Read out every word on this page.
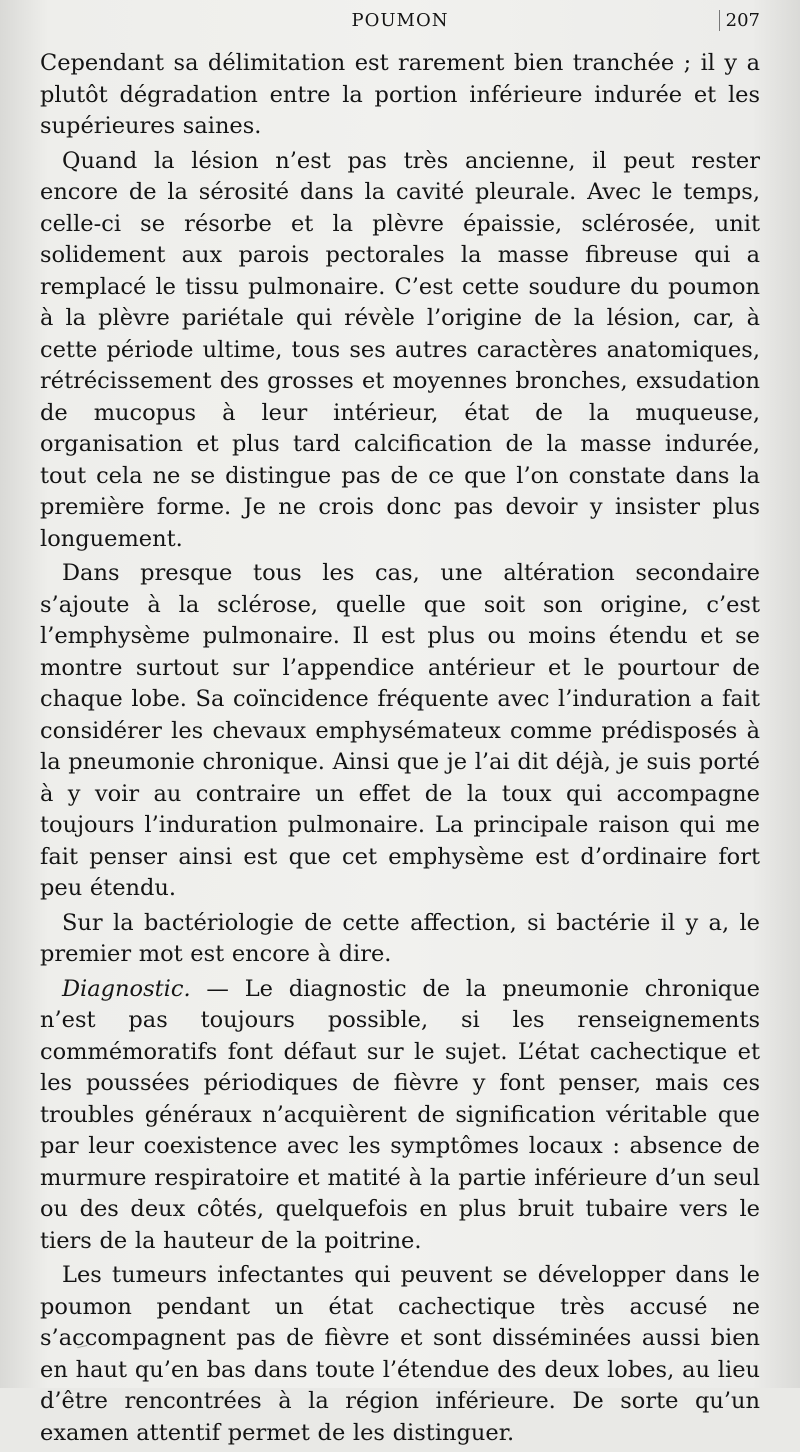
POUMON	207

Cependant sa délimitation est rarement bien tranchée ; il y a plutôt dégradation entre la portion inférieure indurée et les supérieures saines.

Quand la lésion n’est pas très ancienne, il peut rester encore de la sérosité dans la cavité pleurale. Avec le temps, celle-ci se résorbe et la plèvre épaissie, sclérosée, unit solidement aux parois pectorales la masse fibreuse qui a remplacé le tissu pulmonaire. C’est cette soudure du poumon à la plèvre pariétale qui révèle l’origine de la lésion, car, à cette période ultime, tous ses autres caractères anatomiques, rétrécissement des grosses et moyennes bronches, exsudation de mucopus à leur intérieur, état de la muqueuse, organisation et plus tard calcification de la masse indurée, tout cela ne se distingue pas de ce que l’on constate dans la première forme. Je ne crois donc pas devoir y insister plus longuement.

Dans presque tous les cas, une altération secondaire s’ajoute à la sclérose, quelle que soit son origine, c’est l’emphysème pulmonaire. Il est plus ou moins étendu et se montre surtout sur l’appendice antérieur et le pourtour de chaque lobe. Sa coïncidence fréquente avec l’induration a fait considérer les chevaux emphysémateux comme prédisposés à la pneumonie chronique. Ainsi que je l’ai dit déjà, je suis porté à y voir au contraire un effet de la toux qui accompagne toujours l’induration pulmonaire. La principale raison qui me fait penser ainsi est que cet emphysème est d’ordinaire fort peu étendu.

Sur la bactériologie de cette affection, si bactérie il y a, le premier mot est encore à dire.

Diagnostic. — Le diagnostic de la pneumonie chronique n’est pas toujours possible, si les renseignements commémoratifs font défaut sur le sujet. L’état cachectique et les poussées périodiques de fièvre y font penser, mais ces troubles généraux n’acquièrent de signification véritable que par leur coexistence avec les symptômes locaux : absence de murmure respiratoire et matité à la partie inférieure d’un seul ou des deux côtés, quelquefois en plus bruit tubaire vers le tiers de la hauteur de la poitrine.

Les tumeurs infectantes qui peuvent se développer dans le poumon pendant un état cachectique très accusé ne s’accompagnent pas de fièvre et sont disséminées aussi bien en haut qu’en bas dans toute l’étendue des deux lobes, au lieu d’être rencontrées à la région inférieure. De sorte qu’un examen attentif permet de les distinguer.
